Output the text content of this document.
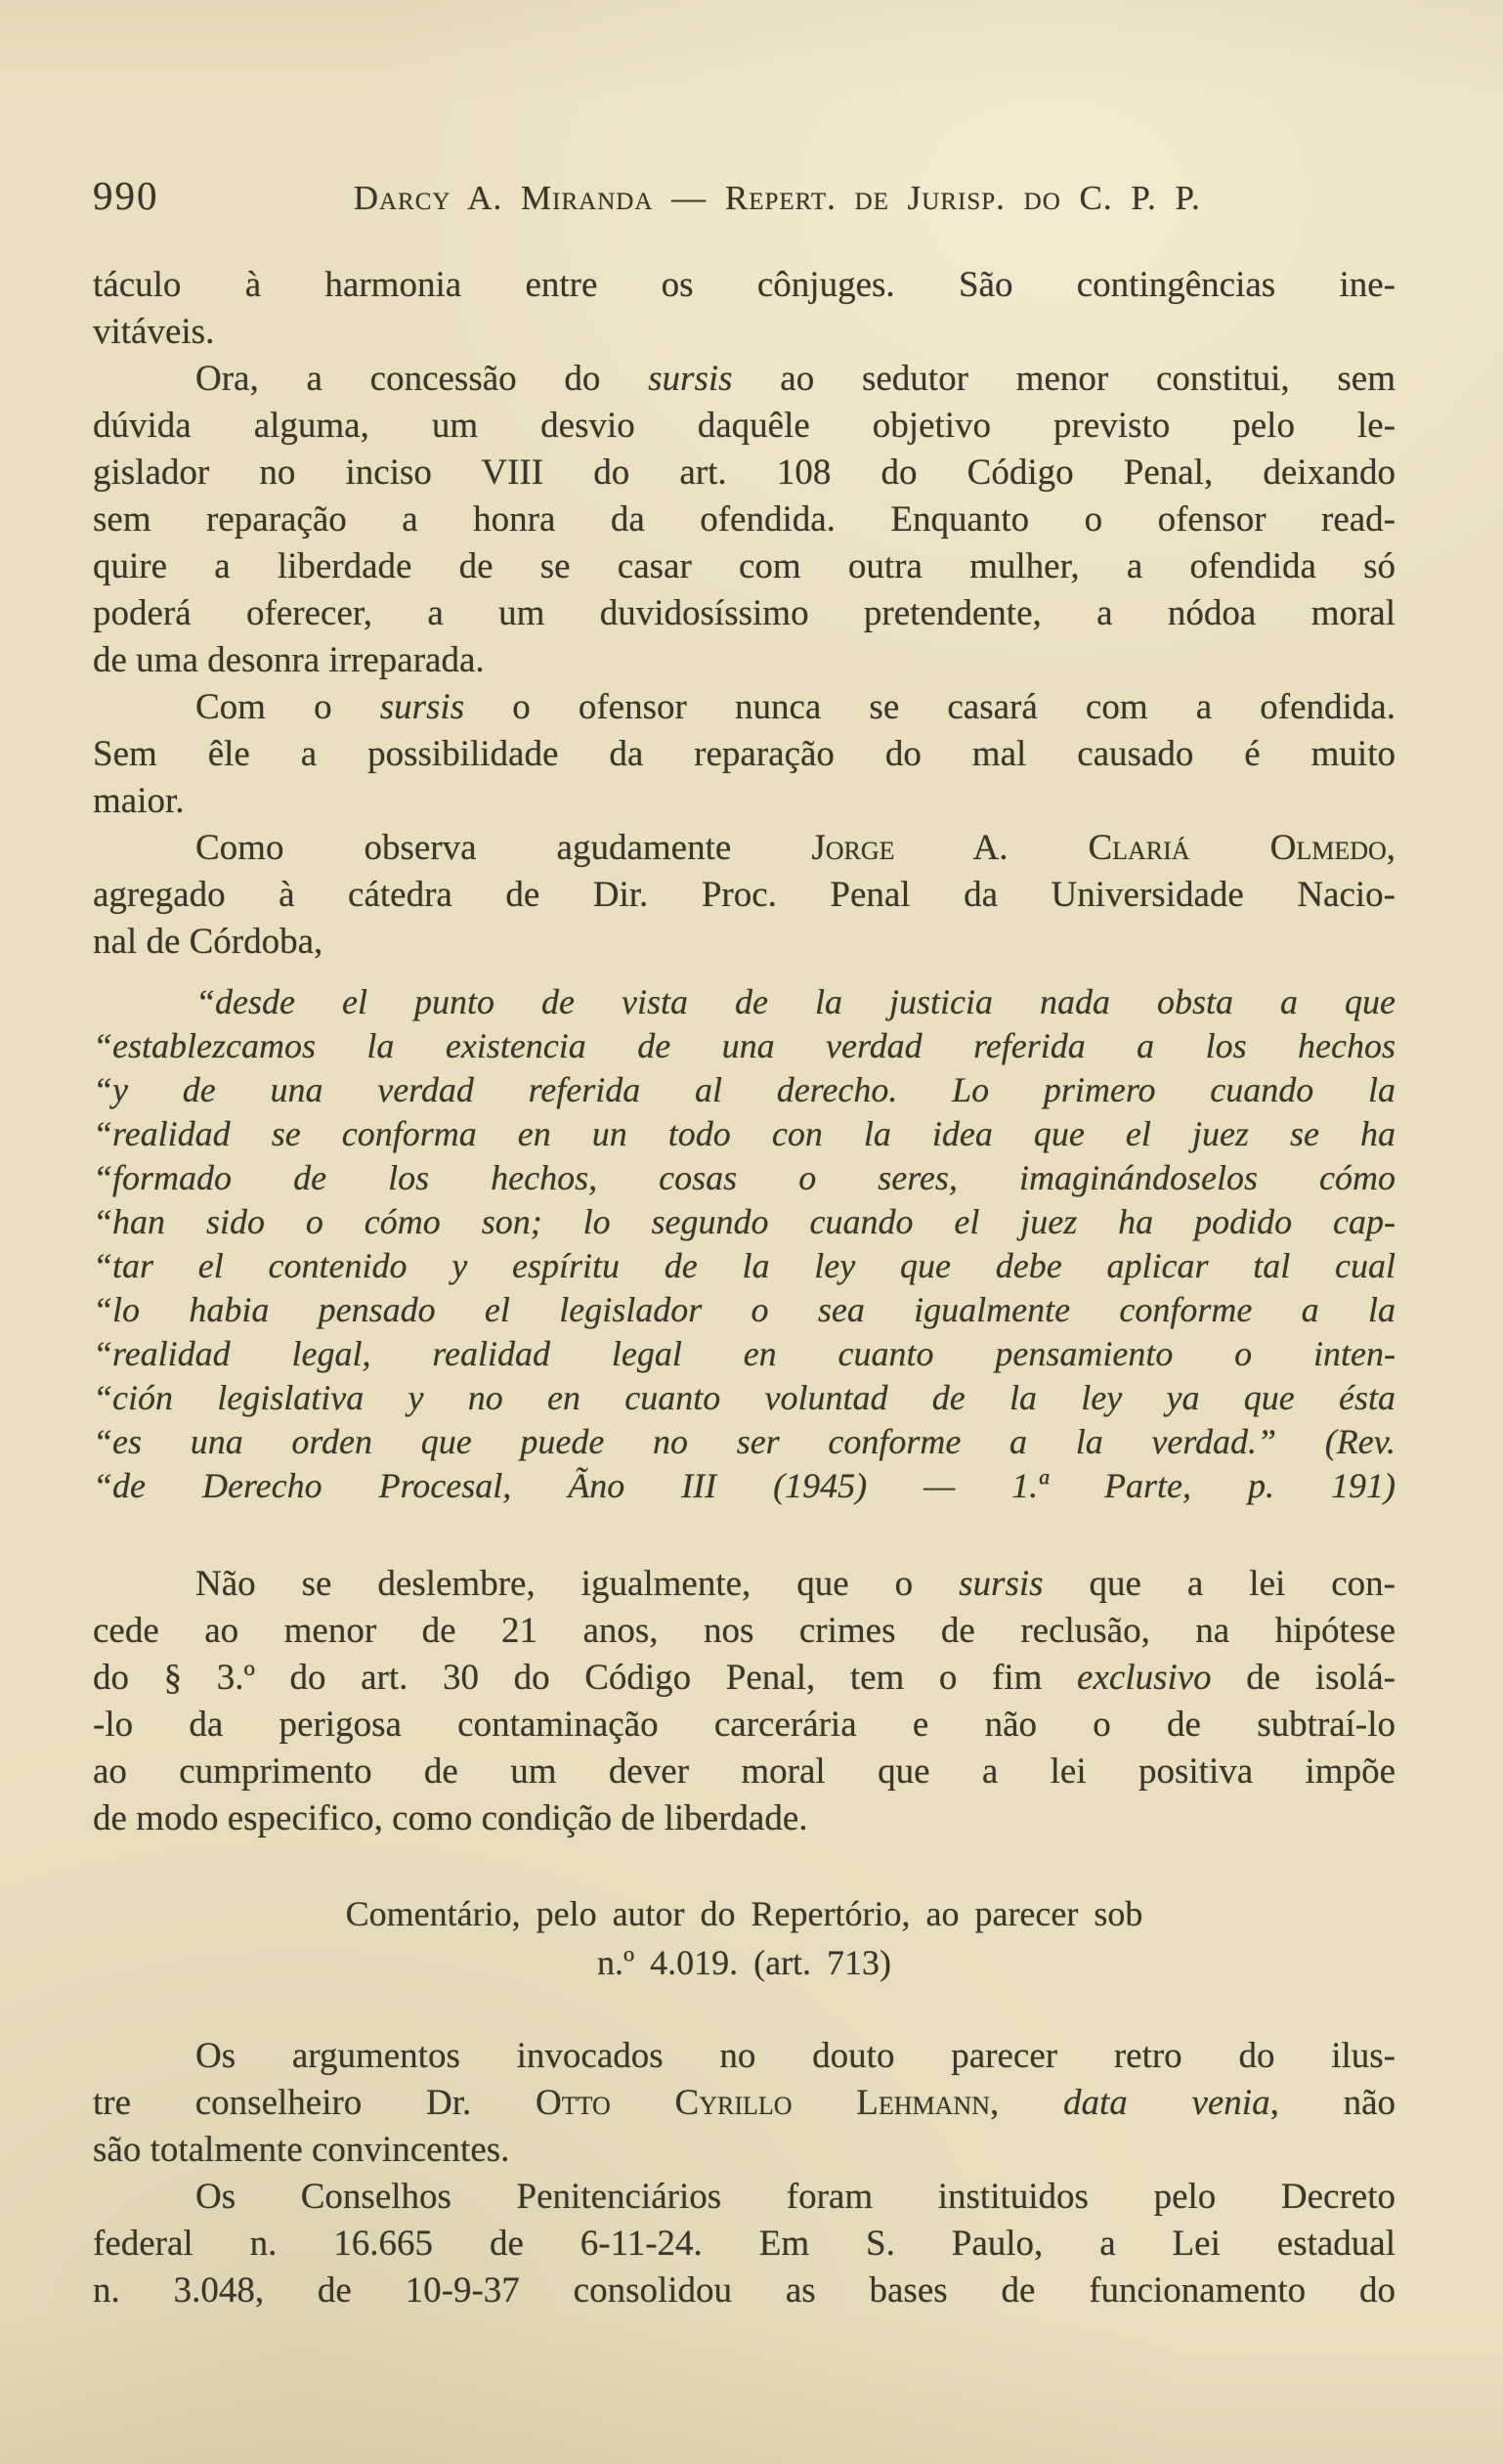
990	Darcy A. Miranda — Repert. de Jurisp. do C. P. P.
táculo à harmonia entre os cônjuges. São contingências ine-
vitáveis.
Ora, a concessão do sursis ao sedutor menor constitui, sem
dúvida alguma, um desvio daquêle objetivo previsto pelo le-
gislador no inciso VIII do art. 108 do Código Penal, deixando
sem reparação a honra da ofendida. Enquanto o ofensor read-
quire a liberdade de se casar com outra mulher, a ofendida só
poderá oferecer, a um duvidosíssimo pretendente, a nódoa moral
de uma desonra irreparada.
Com o sursis o ofensor nunca se casará com a ofendida.
Sem êle a possibilidade da reparação do mal causado é muito
maior.
Como observa agudamente Jorge A. Clariá Olmedo,
agregado à cátedra de Dir. Proc. Penal da Universidade Nacio-
nal de Córdoba,
“desde el punto de vista de la justicia nada obsta a que
“establezcamos la existencia de una verdad referida a los hechos
“y de una verdad referida al derecho. Lo primero cuando la
“realidad se conforma en un todo con la idea que el juez se ha
“formado de los hechos, cosas o seres, imaginándoselos cómo
“han sido o cómo son; lo segundo cuando el juez ha podido cap-
“tar el contenido y espíritu de la ley que debe aplicar tal cual
“lo habia pensado el legislador o sea igualmente conforme a la
“realidad legal, realidad legal en cuanto pensamiento o inten-
“ción legislativa y no en cuanto voluntad de la ley ya que ésta
“es una orden que puede no ser conforme a la verdad.” (Rev.
“de Derecho Procesal, Ãno III (1945) — 1.ª Parte, p. 191)
Não se deslembre, igualmente, que o sursis que a lei con-
cede ao menor de 21 anos, nos crimes de reclusão, na hipótese
do § 3.º do art. 30 do Código Penal, tem o fim exclusivo de isolá-
-lo da perigosa contaminação carcerária e não o de subtraí-lo
ao cumprimento de um dever moral que a lei positiva impõe
de modo especifico, como condição de liberdade.
Comentário, pelo autor do Repertório, ao parecer sob
n.º 4.019. (art. 713)
Os argumentos invocados no douto parecer retro do ilus-
tre conselheiro Dr. Otto Cyrillo Lehmann, data venia, não
são totalmente convincentes.
Os Conselhos Penitenciários foram instituidos pelo Decreto
federal n. 16.665 de 6-11-24. Em S. Paulo, a Lei estadual
n. 3.048, de 10-9-37 consolidou as bases de funcionamento do
